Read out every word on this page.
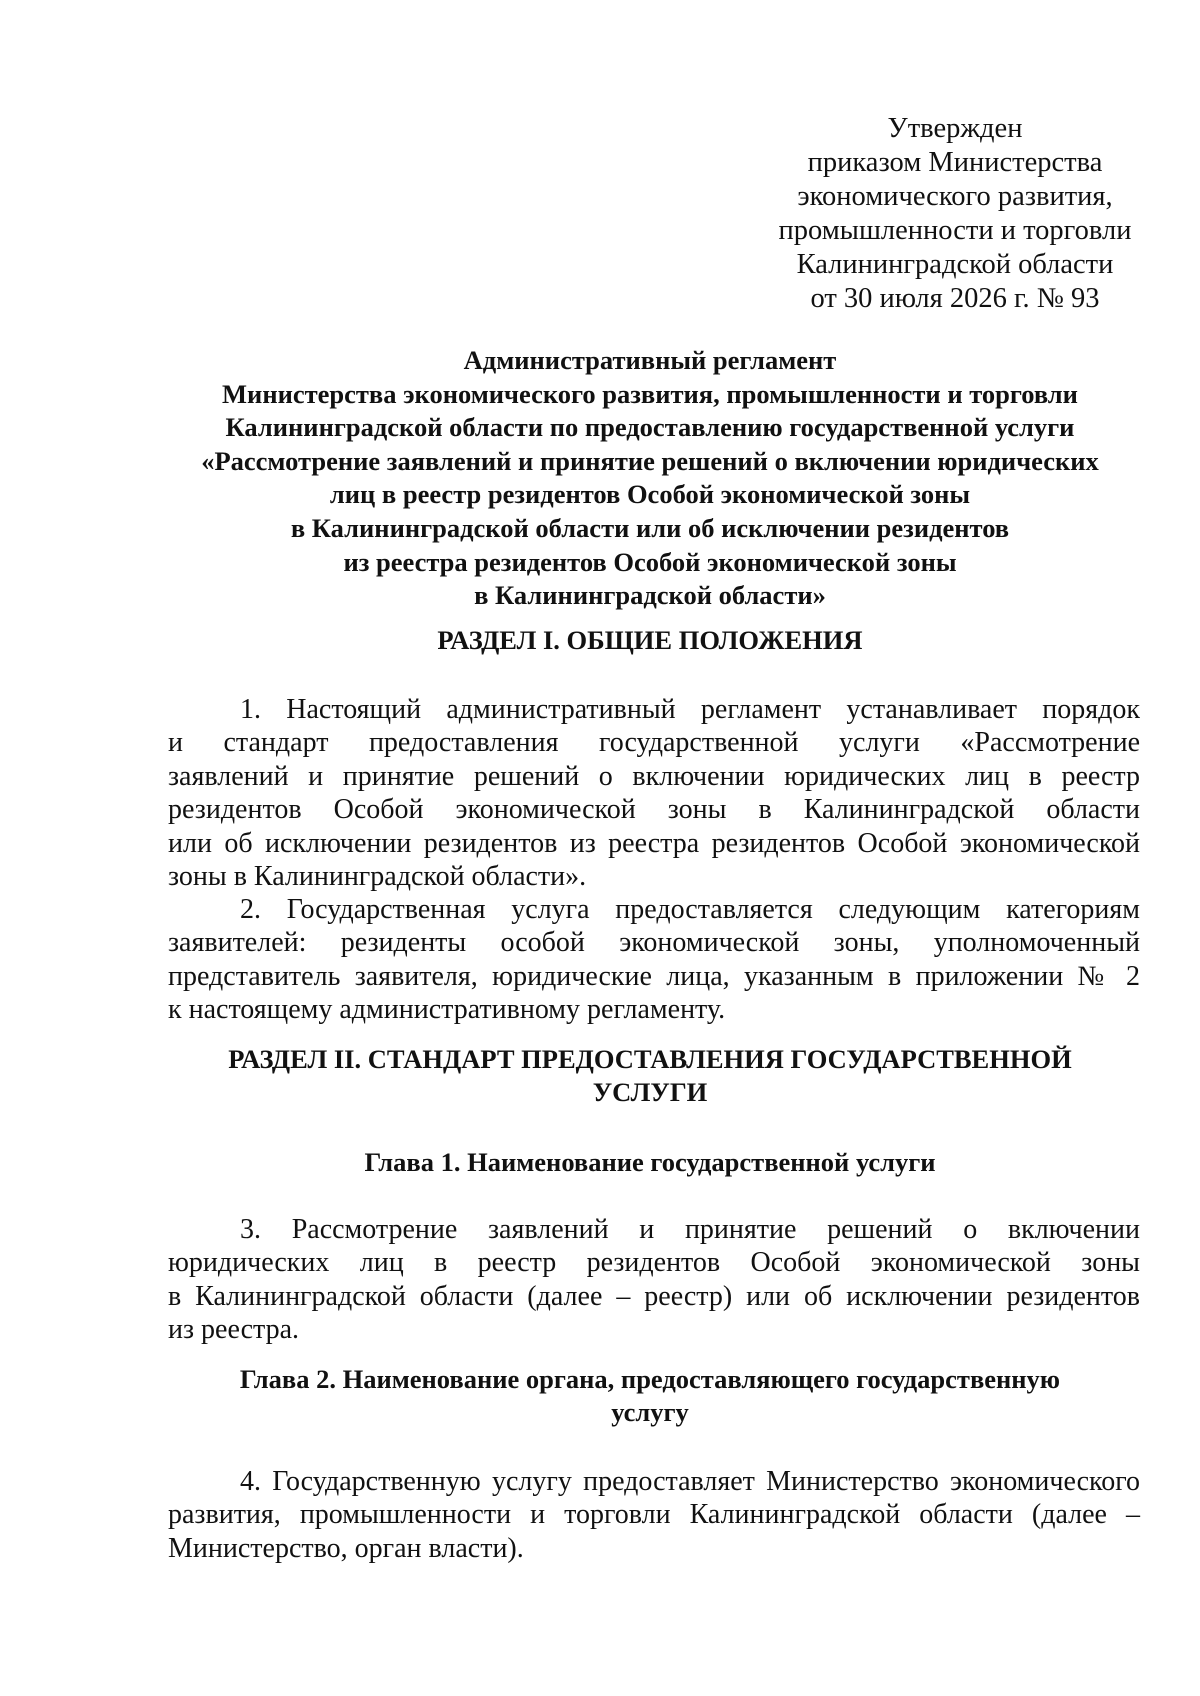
Утвержден
приказом Министерства
экономического развития,
промышленности и торговли
Калининградской области
от 30 июля 2026 г. № 93
Административный регламент
Министерства экономического развития, промышленности и торговли
Калининградской области по предоставлению государственной услуги
«Рассмотрение заявлений и принятие решений о включении юридических
лиц в реестр резидентов Особой экономической зоны
в Калининградской области или об исключении резидентов
из реестра резидентов Особой экономической зоны
в Калининградской области»
РАЗДЕЛ I. ОБЩИЕ ПОЛОЖЕНИЯ
1. Настоящий административный регламент устанавливает порядок
и стандарт предоставления государственной услуги «Рассмотрение
заявлений и принятие решений о включении юридических лиц в реестр
резидентов Особой экономической зоны в Калининградской области
или об исключении резидентов из реестра резидентов Особой экономической
зоны в Калининградской области».
2. Государственная услуга предоставляется следующим категориям
заявителей: резиденты особой экономической зоны, уполномоченный
представитель заявителя, юридические лица, указанным в приложении № 2
к настоящему административному регламенту.
РАЗДЕЛ II. СТАНДАРТ ПРЕДОСТАВЛЕНИЯ ГОСУДАРСТВЕННОЙ
УСЛУГИ
Глава 1. Наименование государственной услуги
3. Рассмотрение заявлений и принятие решений о включении
юридических лиц в реестр резидентов Особой экономической зоны
в Калининградской области (далее – реестр) или об исключении резидентов
из реестра.
Глава 2. Наименование органа, предоставляющего государственную
услугу
4. Государственную услугу предоставляет Министерство экономического
развития, промышленности и торговли Калининградской области (далее –
Министерство, орган власти).
